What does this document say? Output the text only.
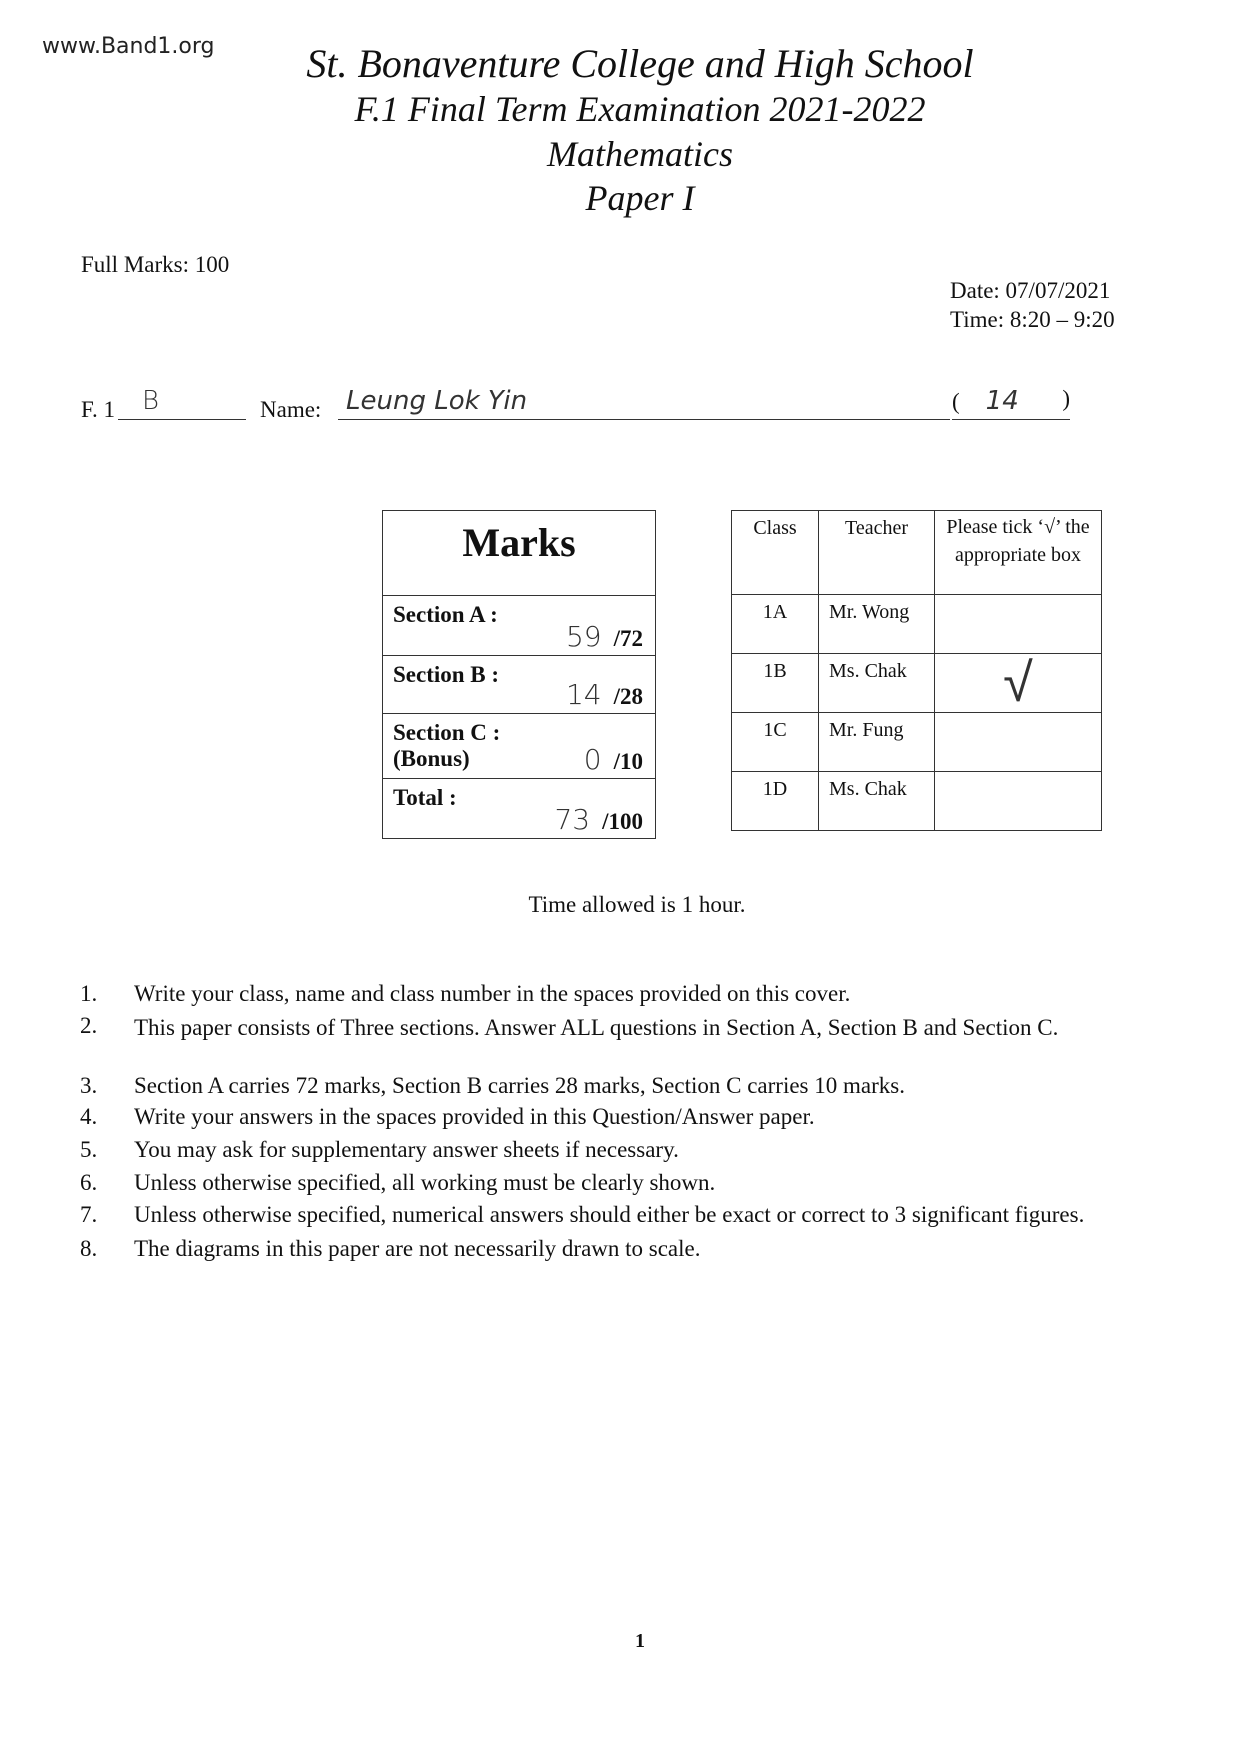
www.Band1.org	St. Bonaventure College and High School
F.1 Final Term Examination 2021-2022
Mathematics
Paper I
Full Marks: 100
Date: 07/07/2021
Time: 8:20 – 9:20
F. 1	B	Name: Leung Lok Yin	( 14 )
Marks
Section A :
59 /72

Section B :
14 /28

Section C :
(Bonus)	0 /10

Total :
73 /100
Class	Teacher	Please tick ‘√’ the appropriate box
1A	Mr. Wong	
1B	Ms. Chak	√
1C	Mr. Fung	
1D	Ms. Chak	
Time allowed is 1 hour.
1.	Write your class, name and class number in the spaces provided on this cover.
2.	This paper consists of Three sections. Answer ALL questions in Section A, Section B and Section C.
3.	Section A carries 72 marks, Section B carries 28 marks, Section C carries 10 marks.
4.	Write your answers in the spaces provided in this Question/Answer paper.
5.	You may ask for supplementary answer sheets if necessary.
6.	Unless otherwise specified, all working must be clearly shown.
7.	Unless otherwise specified, numerical answers should either be exact or correct to 3 significant figures.
8.	The diagrams in this paper are not necessarily drawn to scale.
1
